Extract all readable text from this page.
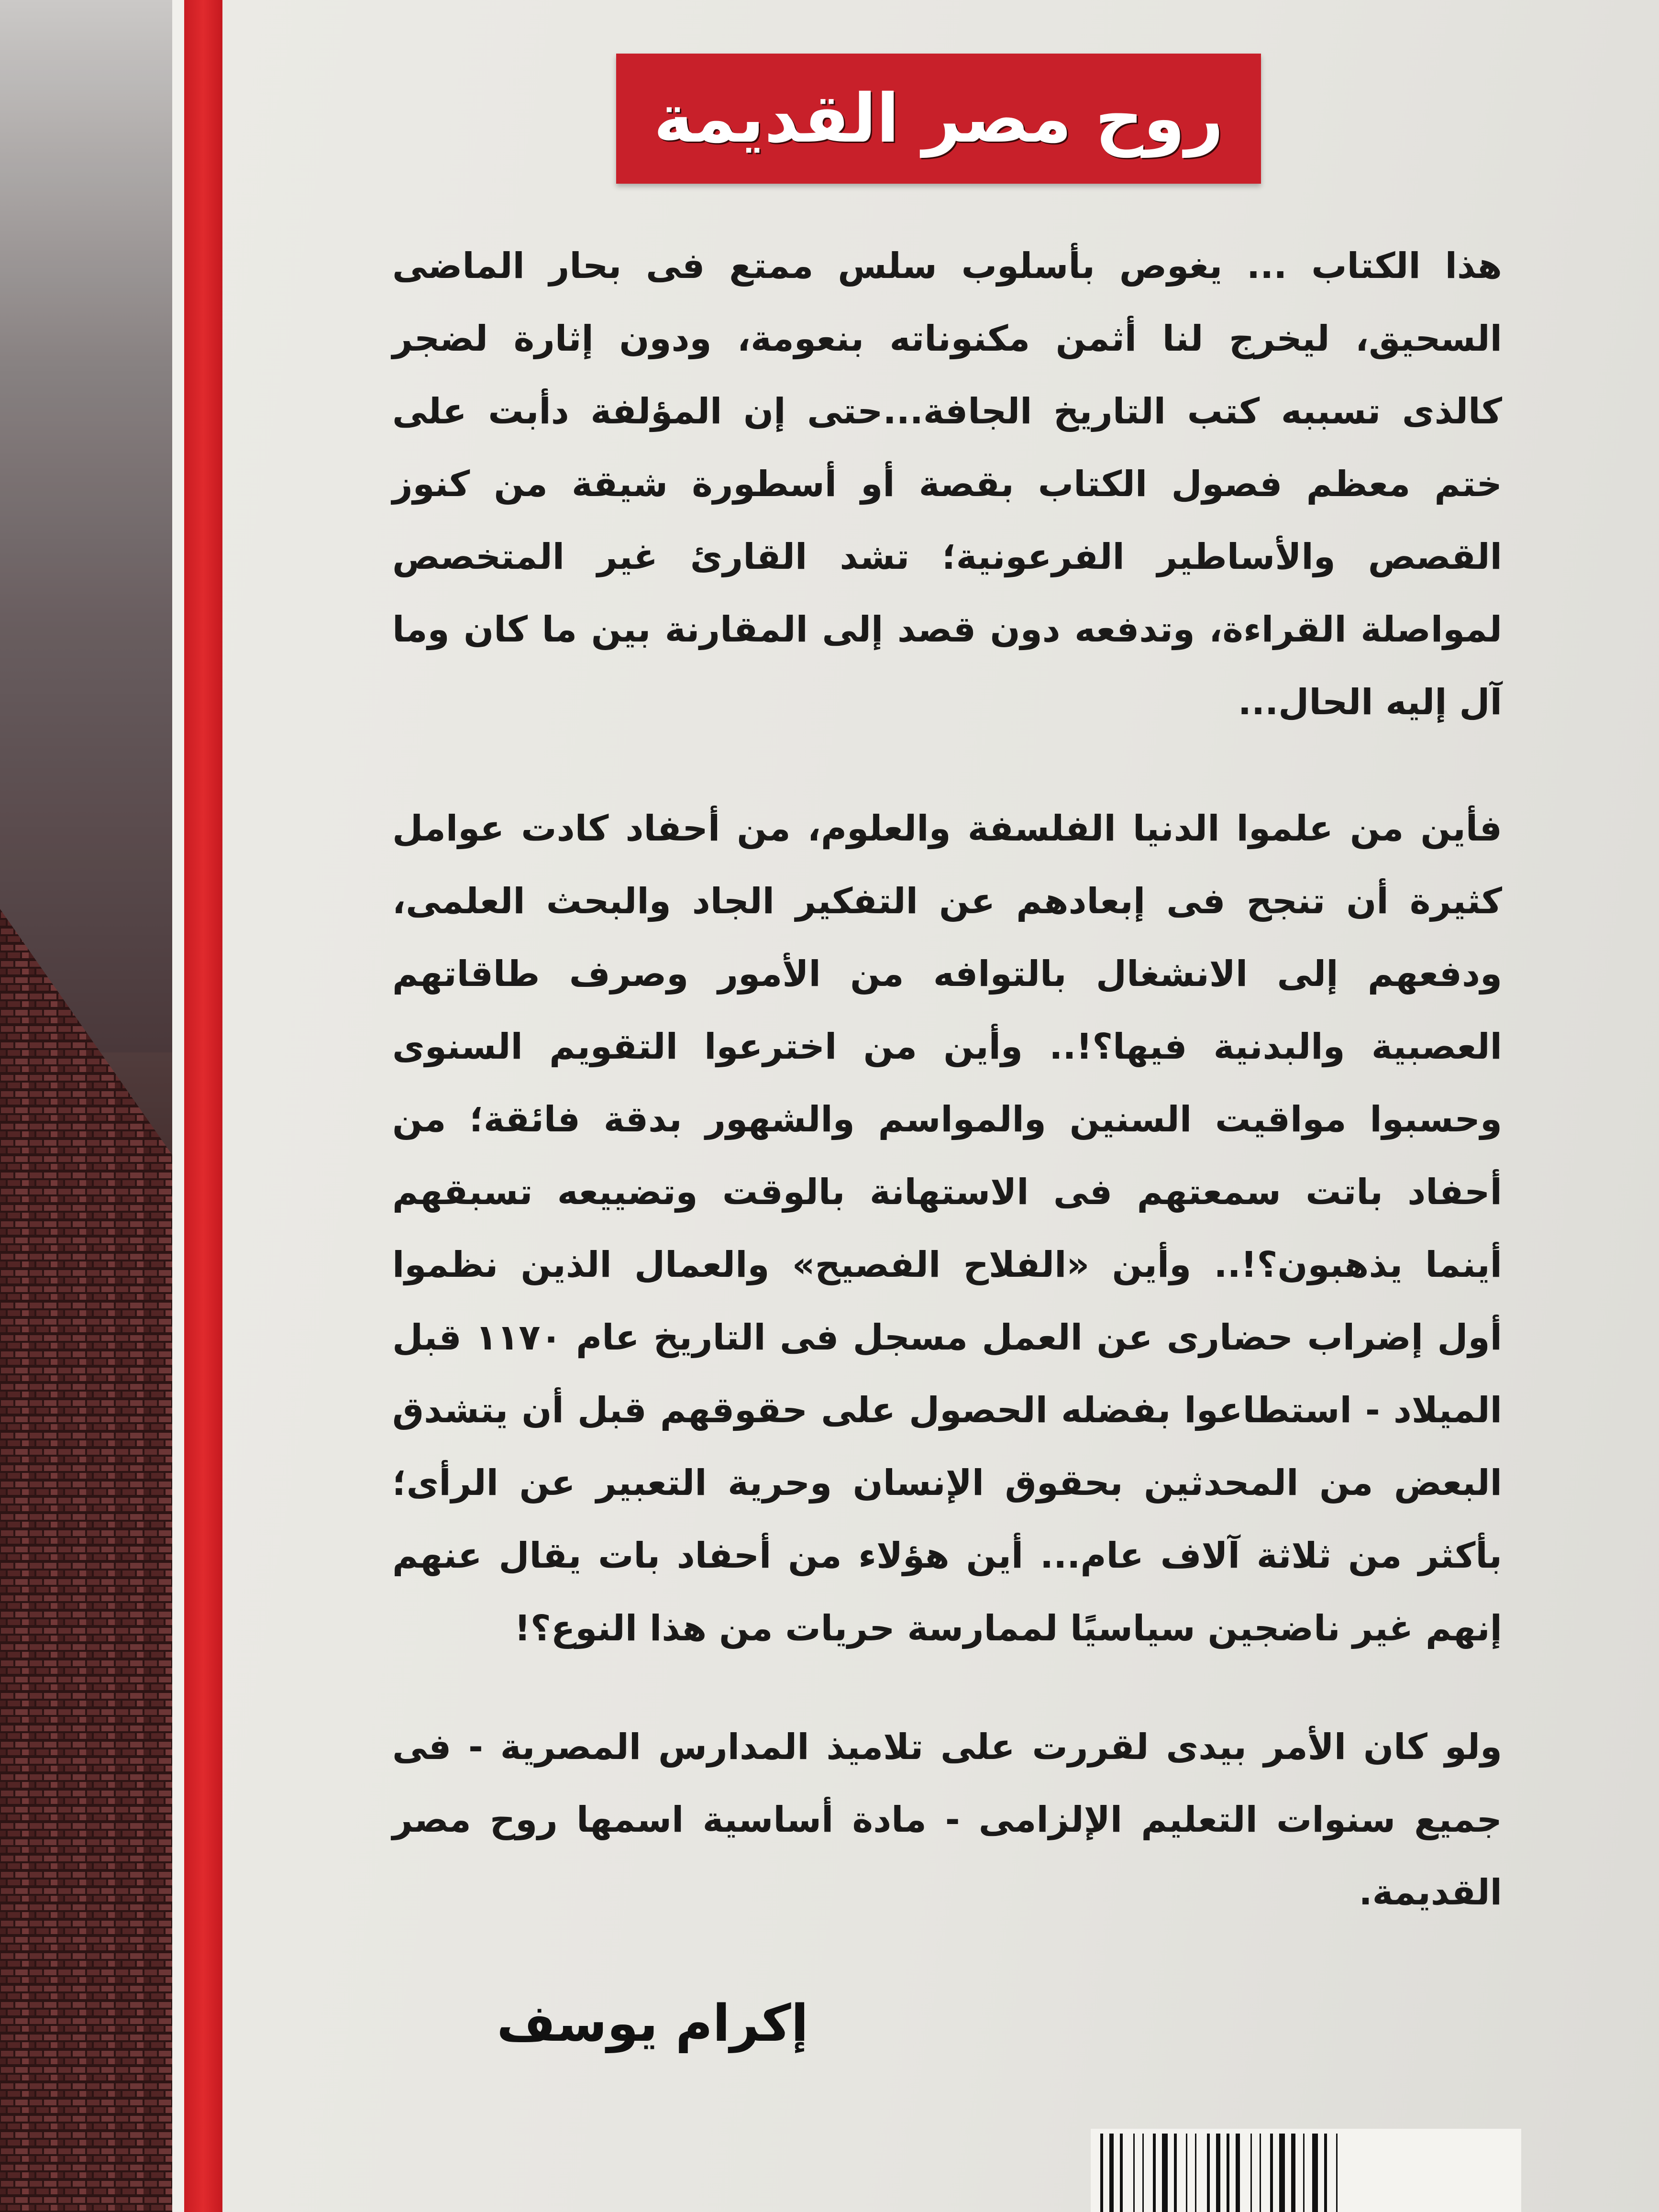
روح مصر القديمة

هذا الكتاب ... يغوص بأسلوب سلس ممتع فى بحار الماضى السحيق، ليخرج لنا أثمن مكنوناته بنعومة، ودون إثارة لضجر كالذى تسببه كتب التاريخ الجافة...حتى إن المؤلفة دأبت على ختم معظم فصول الكتاب بقصة أو أسطورة شيقة من كنوز القصص والأساطير الفرعونية؛ تشد القارئ غير المتخصص لمواصلة القراءة، وتدفعه دون قصد إلى المقارنة بين ما كان وما آل إليه الحال...

فأين من علموا الدنيا الفلسفة والعلوم، من أحفاد كادت عوامل كثيرة أن تنجح فى إبعادهم عن التفكير الجاد والبحث العلمى، ودفعهم إلى الانشغال بالتوافه من الأمور وصرف طاقاتهم العصبية والبدنية فيها؟!.. وأين من اخترعوا التقويم السنوى وحسبوا مواقيت السنين والمواسم والشهور بدقة فائقة؛ من أحفاد باتت سمعتهم فى الاستهانة بالوقت وتضييعه تسبقهم أينما يذهبون؟!.. وأين «الفلاح الفصيح» والعمال الذين نظموا أول إضراب حضارى عن العمل مسجل فى التاريخ عام ١١٧٠ قبل الميلاد - استطاعوا بفضله الحصول على حقوقهم قبل أن يتشدق البعض من المحدثين بحقوق الإنسان وحرية التعبير عن الرأى؛ بأكثر من ثلاثة آلاف عام... أين هؤلاء من أحفاد بات يقال عنهم إنهم غير ناضجين سياسيًا لممارسة حريات من هذا النوع؟!

ولو كان الأمر بيدى لقررت على تلاميذ المدارس المصرية - فى جميع سنوات التعليم الإلزامى - مادة أساسية اسمها روح مصر القديمة.

إكرام يوسف
